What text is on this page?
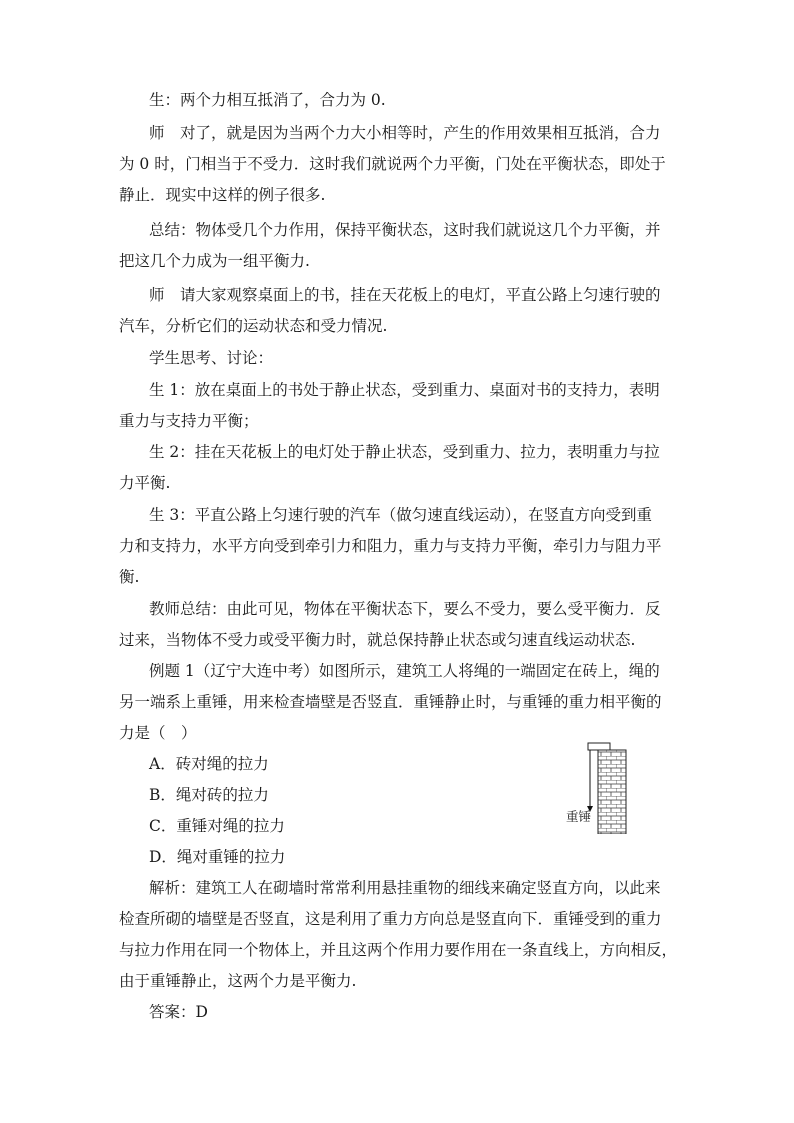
生：两个力相互抵消了，合力为 0.
师　对了，就是因为当两个力大小相等时，产生的作用效果相互抵消，合力
为 0 时，门相当于不受力．这时我们就说两个力平衡，门处在平衡状态，即处于
静止．现实中这样的例子很多.
总结：物体受几个力作用，保持平衡状态，这时我们就说这几个力平衡，并
把这几个力成为一组平衡力.
师　请大家观察桌面上的书，挂在天花板上的电灯，平直公路上匀速行驶的
汽车，分析它们的运动状态和受力情况.
学生思考、讨论：
生 1：放在桌面上的书处于静止状态，受到重力、桌面对书的支持力，表明
重力与支持力平衡；
生 2：挂在天花板上的电灯处于静止状态，受到重力、拉力，表明重力与拉
力平衡.
生 3：平直公路上匀速行驶的汽车（做匀速直线运动），在竖直方向受到重
力和支持力，水平方向受到牵引力和阻力，重力与支持力平衡，牵引力与阻力平
衡.
教师总结：由此可见，物体在平衡状态下，要么不受力，要么受平衡力．反
过来，当物体不受力或受平衡力时，就总保持静止状态或匀速直线运动状态.
例题 1（辽宁大连中考）如图所示，建筑工人将绳的一端固定在砖上，绳的
另一端系上重锤，用来检查墙壁是否竖直．重锤静止时，与重锤的重力相平衡的
力是（　）
A．砖对绳的拉力
B．绳对砖的拉力
C．重锤对绳的拉力
D．绳对重锤的拉力
重锤
解析：建筑工人在砌墙时常常利用悬挂重物的细线来确定竖直方向，以此来
检查所砌的墙壁是否竖直，这是利用了重力方向总是竖直向下．重锤受到的重力
与拉力作用在同一个物体上，并且这两个作用力要作用在一条直线上，方向相反，
由于重锤静止，这两个力是平衡力.
答案：D
